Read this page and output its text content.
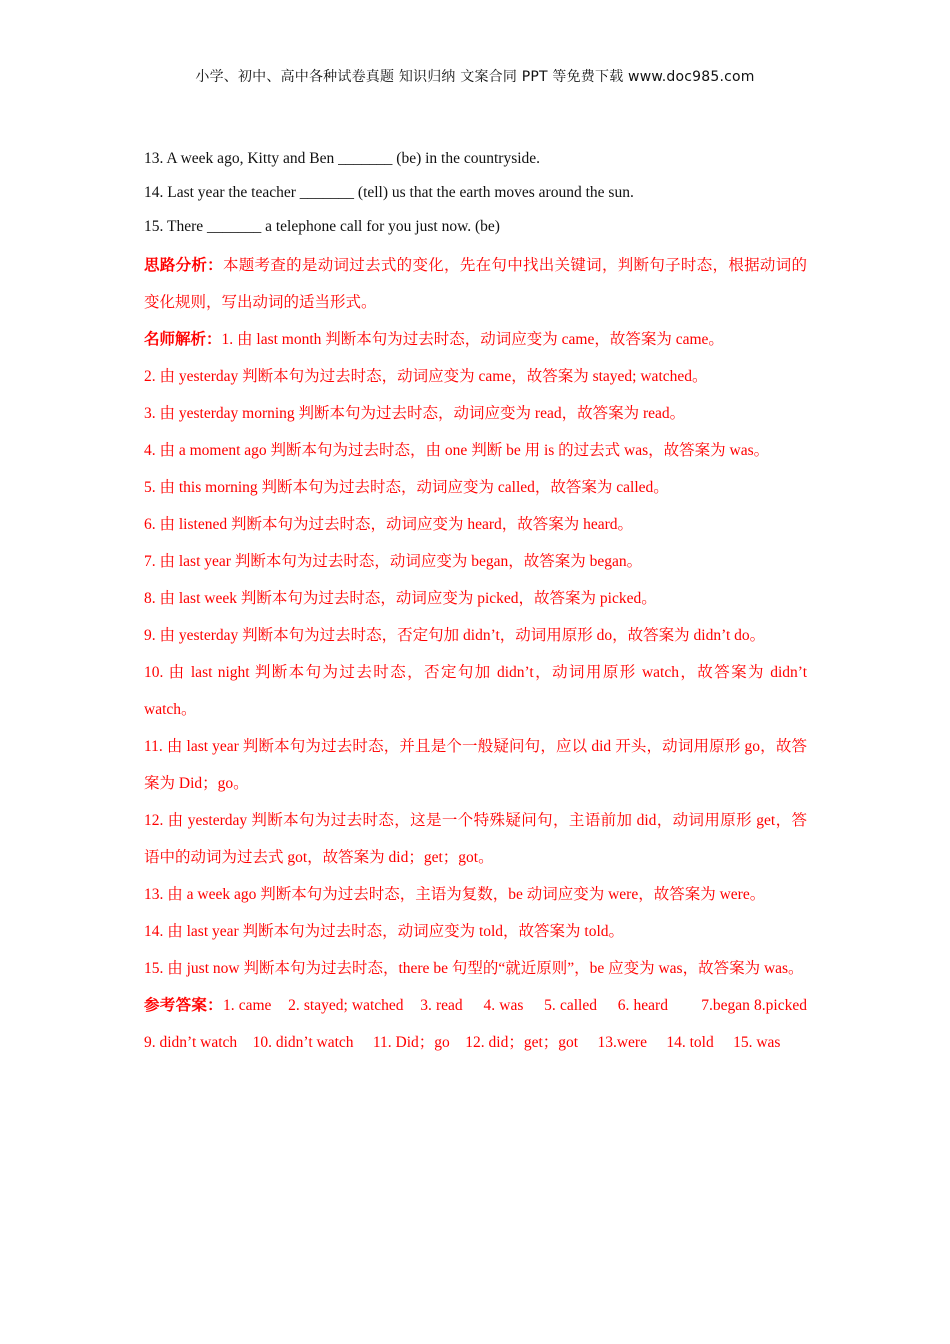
小学、初中、高中各种试卷真题 知识归纳 文案合同 PPT 等免费下载 www.doc985.com
13. A week ago, Kitty and Ben _______ (be) in the countryside.
14. Last year the teacher _______ (tell) us that the earth moves around the sun.
15. There _______ a telephone call for you just now. (be)
思路分析：本题考查的是动词过去式的变化，先在句中找出关键词，判断句子时态，根据动词的变化规则，写出动词的适当形式。
名师解析：1. 由 last month 判断本句为过去时态，动词应变为 came，故答案为 came。
2. 由 yesterday 判断本句为过去时态，动词应变为 came，故答案为 stayed; watched。
3. 由 yesterday morning 判断本句为过去时态，动词应变为 read，故答案为 read。
4. 由 a moment ago 判断本句为过去时态，由 one 判断 be 用 is 的过去式 was，故答案为 was。
5. 由 this morning 判断本句为过去时态，动词应变为 called，故答案为 called。
6. 由 listened 判断本句为过去时态，动词应变为 heard，故答案为 heard。
7. 由 last year 判断本句为过去时态，动词应变为 began，故答案为 began。
8. 由 last week 判断本句为过去时态，动词应变为 picked，故答案为 picked。
9. 由 yesterday 判断本句为过去时态，否定句加 didn’t，动词用原形 do，故答案为 didn’t do。
10. 由 last night 判断本句为过去时态，否定句加 didn’t，动词用原形 watch，故答案为 didn’t watch。
11. 由 last year 判断本句为过去时态，并且是个一般疑问句，应以 did 开头，动词用原形 go，故答案为 Did；go。
12. 由 yesterday 判断本句为过去时态，这是一个特殊疑问句，主语前加 did，动词用原形 get，答语中的动词为过去式 got，故答案为 did；get；got。
13. 由 a week ago 判断本句为过去时态，主语为复数，be 动词应变为 were，故答案为 were。
14. 由 last year 判断本句为过去时态，动词应变为 told，故答案为 told。
15. 由 just now 判断本句为过去时态，there be 句型的“就近原则”，be 应变为 was，故答案为 was。
参考答案：1. came    2. stayed; watched    3. read     4. was     5. called     6. heard        7.began 8.picked    9. didn’t watch    10. didn’t watch     11. Did；go    12. did；get；got     13.were     14. told     15. was
